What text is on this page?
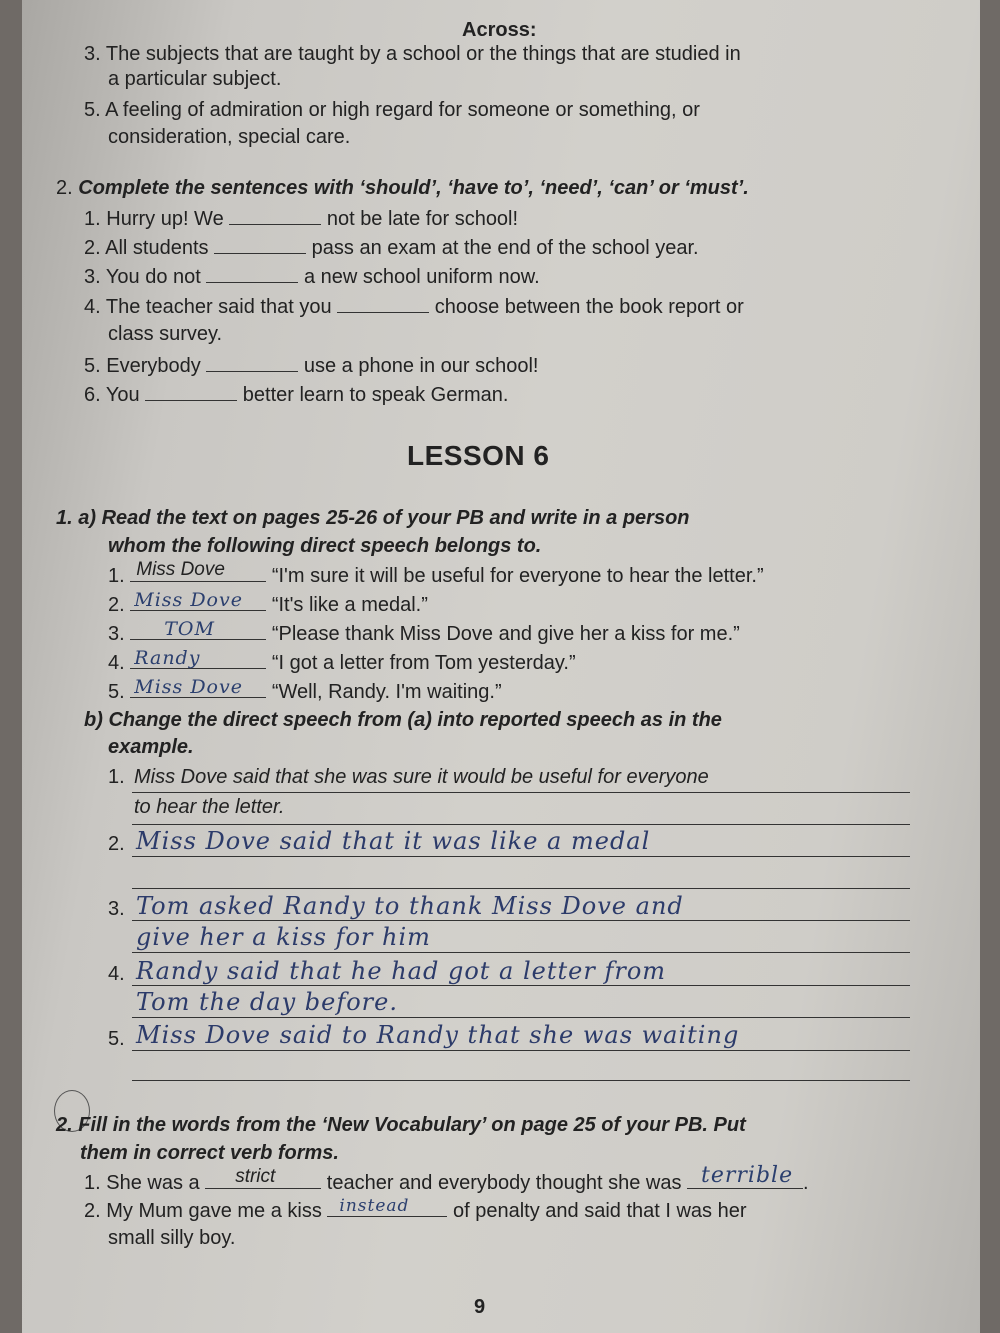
Across:
3. The subjects that are taught by a school or the things that are studied in
a particular subject.
5. A feeling of admiration or high regard for someone or something, or
consideration, special care.
2. Complete the sentences with ‘should’, ‘have to’, ‘need’, ‘can’ or ‘must’.
1. Hurry up! We	not be late for school!
2. All students	pass an exam at the end of the school year.
3. You do not	a new school uniform now.
4. The teacher said that you	choose between the book report or
class survey.
5. Everybody	use a phone in our school!
6. You	better learn to speak German.
LESSON 6
1. a) Read the text on pages 25-26 of your PB and write in a person
whom the following direct speech belongs to.
1. Miss Dove “I'm sure it will be useful for everyone to hear the letter.”
2. Miss Dove “It's like a medal.”
3. TOM	“Please thank Miss Dove and give her a kiss for me.”
4. Randy	“I got a letter from Tom yesterday.”
5. Miss Dove “Well, Randy. I'm waiting.”
b) Change the direct speech from (a) into reported speech as in the
example.
1. Miss Dove said that she was sure it would be useful for everyone
to hear the letter.
2. Miss Dove said that it was like a medal
3. Tom asked Randy to thank Miss Dove and
give her a kiss for him
4. Randy said that he had got a letter from
Tom the day before.
5. Miss Dove said to Randy that she was waiting
2. Fill in the words from the ‘New Vocabulary’ on page 25 of your PB. Put
them in correct verb forms.
1. She was a strict	teacher and everybody thought she was terrible .
2. My Mum gave me a kiss instead of penalty and said that I was her
small silly boy.
9
